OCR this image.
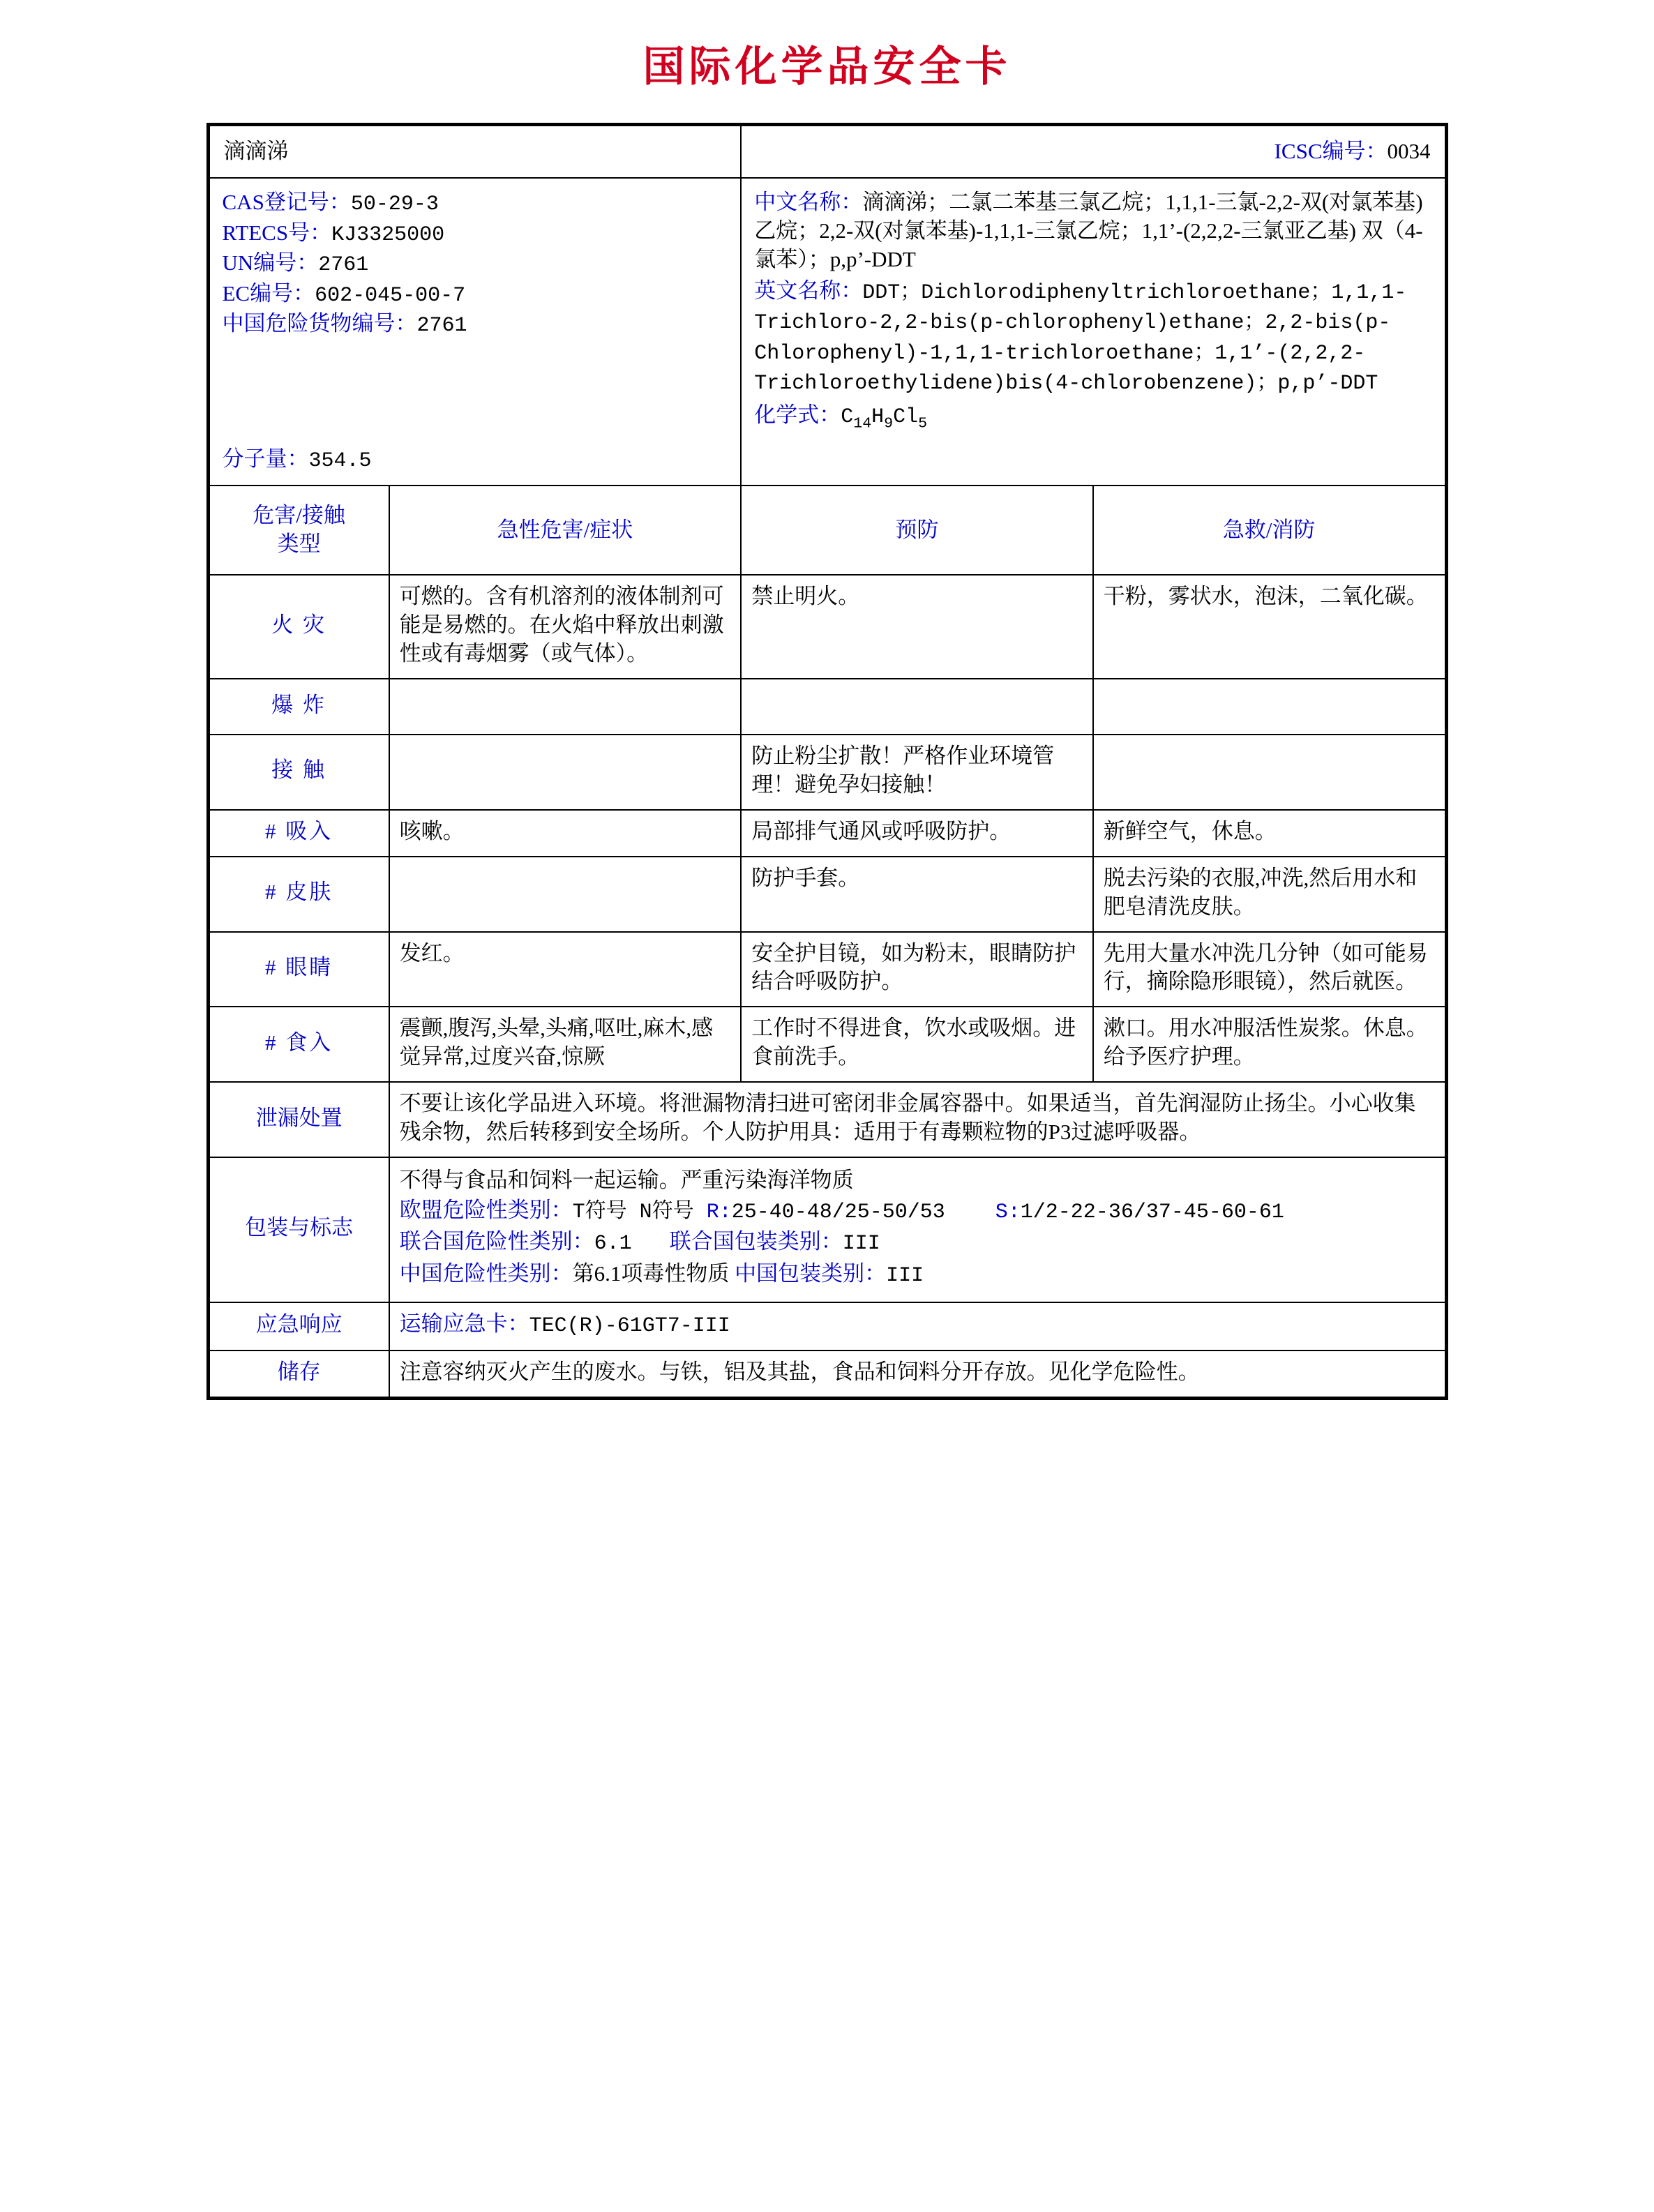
国际化学品安全卡
滴滴涕		ICSC编号：0034	

CAS登记号：50-29-3
RTECS号：KJ3325000
UN编号：2761
EC编号：602-045-00-7
中国危险货物编号：2761
分子量：354.5

中文名称：滴滴涕；二氯二苯基三氯乙烷；1,1,1-三氯-2,2-双(对氯苯基)乙烷；2,2-双(对氯苯基)-1,1,1-三氯乙烷；1,1’-(2,2,2-三氯亚乙基) 双（4-氯苯）；p,p’-DDT
英文名称：DDT；Dichlorodiphenyltrichloroethane；1,1,1-Trichloro-2,2-bis(p-chlorophenyl)ethane；2,2-bis(p-Chlorophenyl)-1,1,1-trichloroethane；1,1’-(2,2,2-Trichloroethylidene)bis(4-chlorobenzene)；p,p’-DDT
化学式：$C_{14}H_9Cl_5$

危害/接触
类型	急性危害/症状	预防	急救/消防
火 灾	可燃的。含有机溶剂的液体制剂可能是易燃的。在火焰中释放出刺激性或有毒烟雾（或气体）。	禁止明火。	干粉，雾状水，泡沫，二氧化碳。
爆 炸			
接 触		防止粉尘扩散！严格作业环境管理！避免孕妇接触！	
# 吸入	咳嗽。	局部排气通风或呼吸防护。	新鲜空气，休息。
# 皮肤		防护手套。	脱去污染的衣服,冲洗,然后用水和肥皂清洗皮肤。
# 眼睛	发红。	安全护目镜，如为粉末，眼睛防护结合呼吸防护。	先用大量水冲洗几分钟（如可能易行，摘除隐形眼镜），然后就医。
# 食入	震颤,腹泻,头晕,头痛,呕吐,麻木,感觉异常,过度兴奋,惊厥	工作时不得进食，饮水或吸烟。进食前洗手。	漱口。用水冲服活性炭浆。休息。给予医疗护理。
泄漏处置	不要让该化学品进入环境。将泄漏物清扫进可密闭非金属容器中。如果适当，首先润湿防止扬尘。小心收集残余物，然后转移到安全场所。个人防护用具：适用于有毒颗粒物的P3过滤呼吸器。		
包装与标志	不得与食品和饲料一起运输。严重污染海洋物质
欧盟危险性类别：T符号 N符号 R:25-40-48/25-50/53 S:1/2-22-36/37-45-60-61
联合国危险性类别：6.1 联合国包装类别：III
中国危险性类别：第6.1项毒性物质 中国包装类别：III		

应急响应	运输应急卡：TEC(R)-61GT7-III		
储存	注意容纳灭火产生的废水。与铁，铝及其盐，食品和饲料分开存放。见化学危险性。		
